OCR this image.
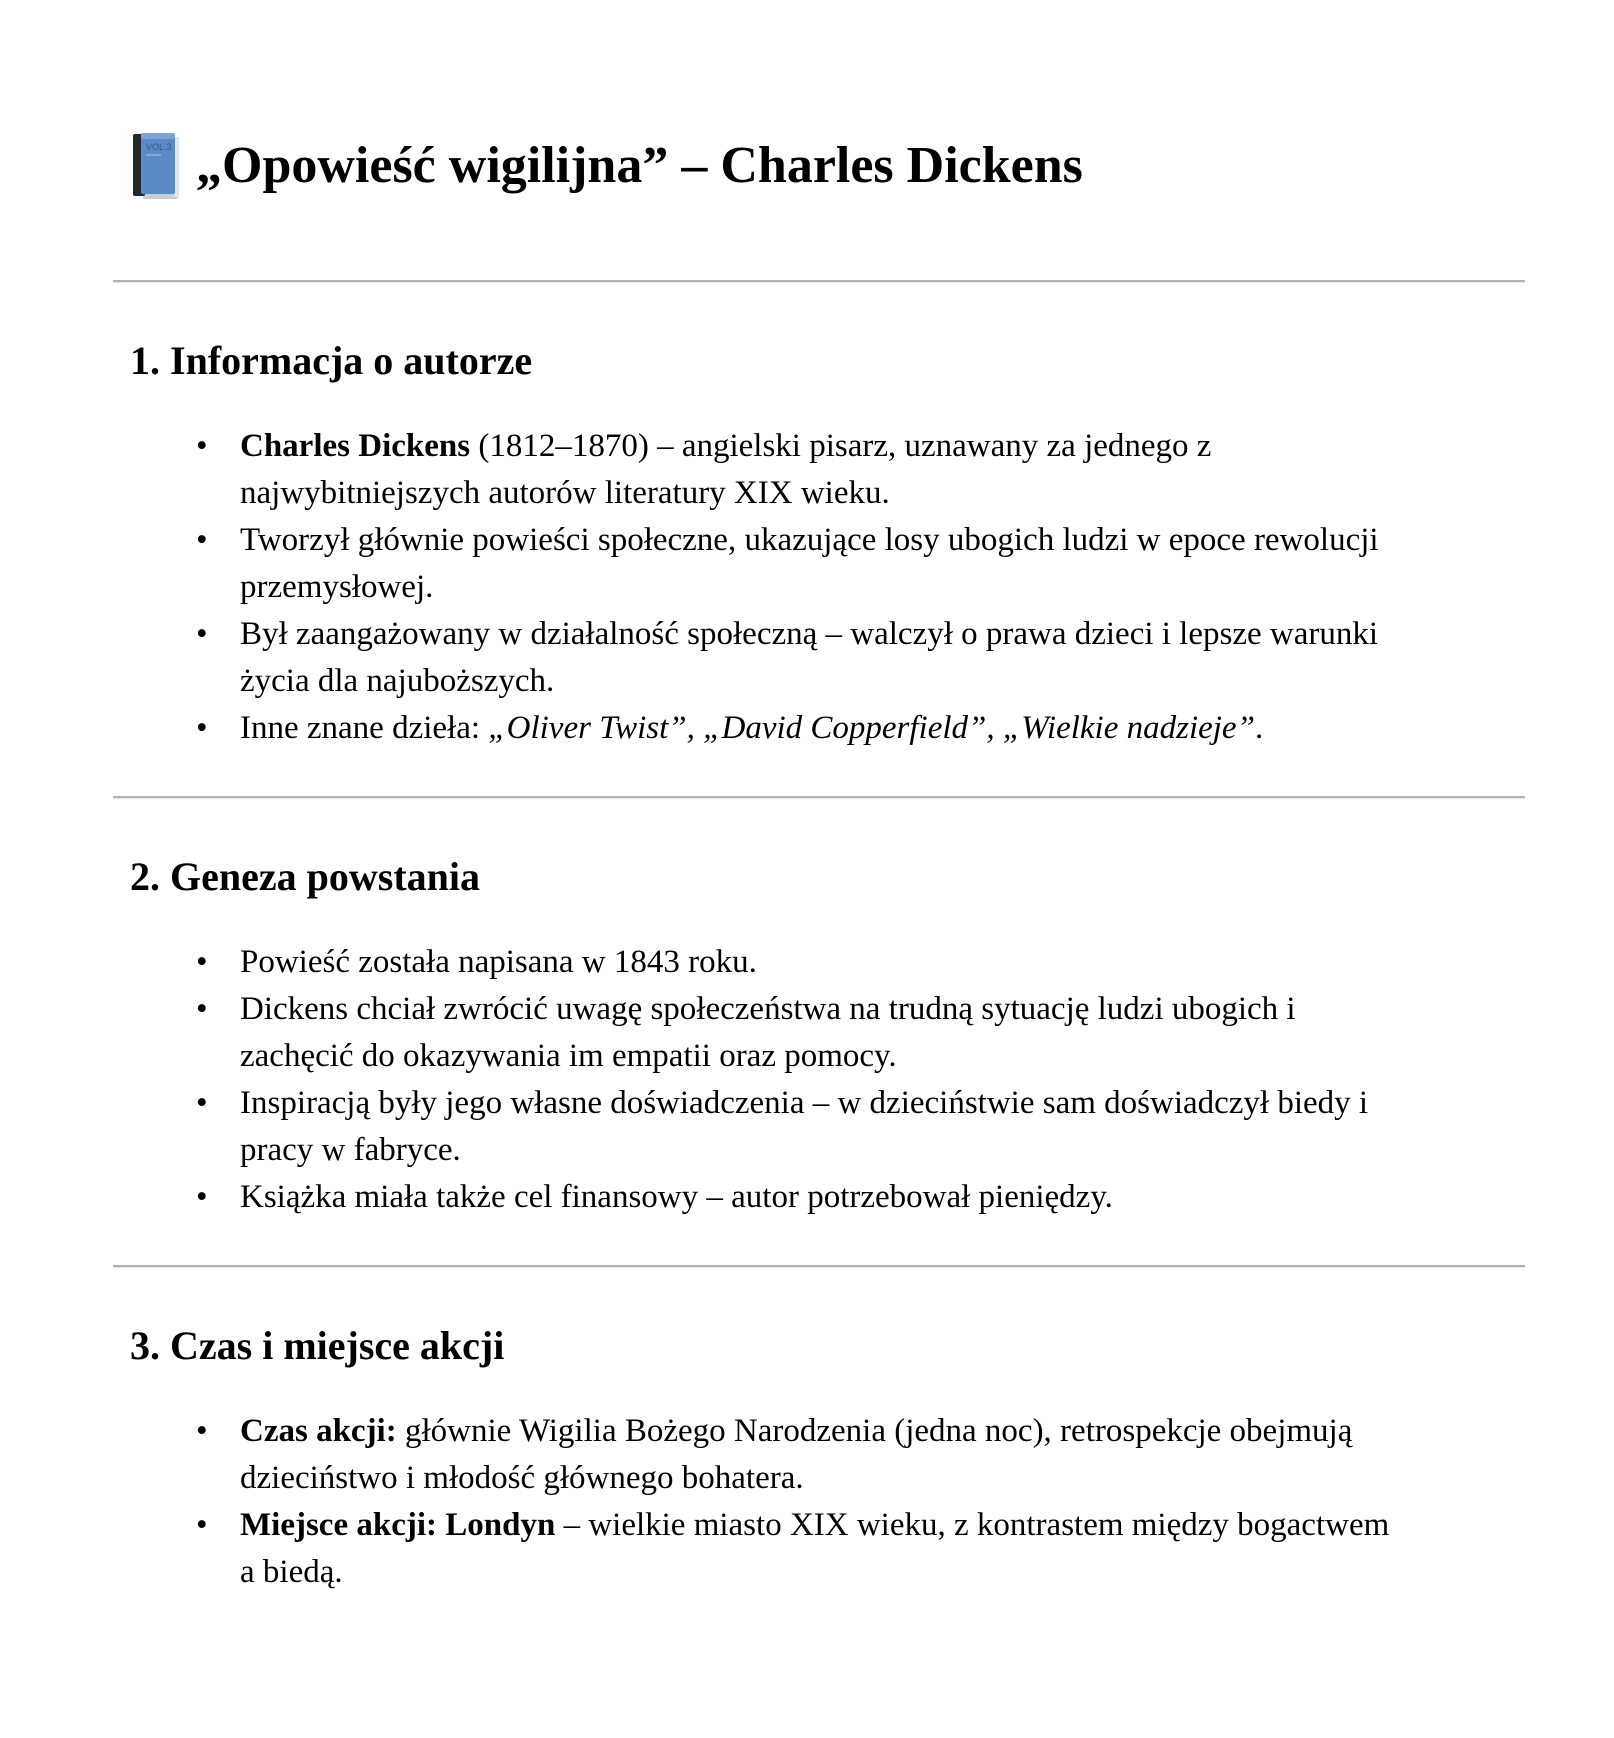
VOL.3 „Opowieść wigilijna” – Charles Dickens
1. Informacja o autorze
• Charles Dickens (1812–1870) – angielski pisarz, uznawany za jednego z
najwybitniejszych autorów literatury XIX wieku.
• Tworzył głównie powieści społeczne, ukazujące losy ubogich ludzi w epoce rewolucji
przemysłowej.
• Był zaangażowany w działalność społeczną – walczył o prawa dzieci i lepsze warunki
życia dla najuboższych.
• Inne znane dzieła: „Oliver Twist”, „David Copperfield”, „Wielkie nadzieje”.
2. Geneza powstania
• Powieść została napisana w 1843 roku.
• Dickens chciał zwrócić uwagę społeczeństwa na trudną sytuację ludzi ubogich i
zachęcić do okazywania im empatii oraz pomocy.
• Inspiracją były jego własne doświadczenia – w dzieciństwie sam doświadczył biedy i
pracy w fabryce.
• Książka miała także cel finansowy – autor potrzebował pieniędzy.
3. Czas i miejsce akcji
• Czas akcji: głównie Wigilia Bożego Narodzenia (jedna noc), retrospekcje obejmują
dzieciństwo i młodość głównego bohatera.
• Miejsce akcji: Londyn – wielkie miasto XIX wieku, z kontrastem między bogactwem
a biedą.
